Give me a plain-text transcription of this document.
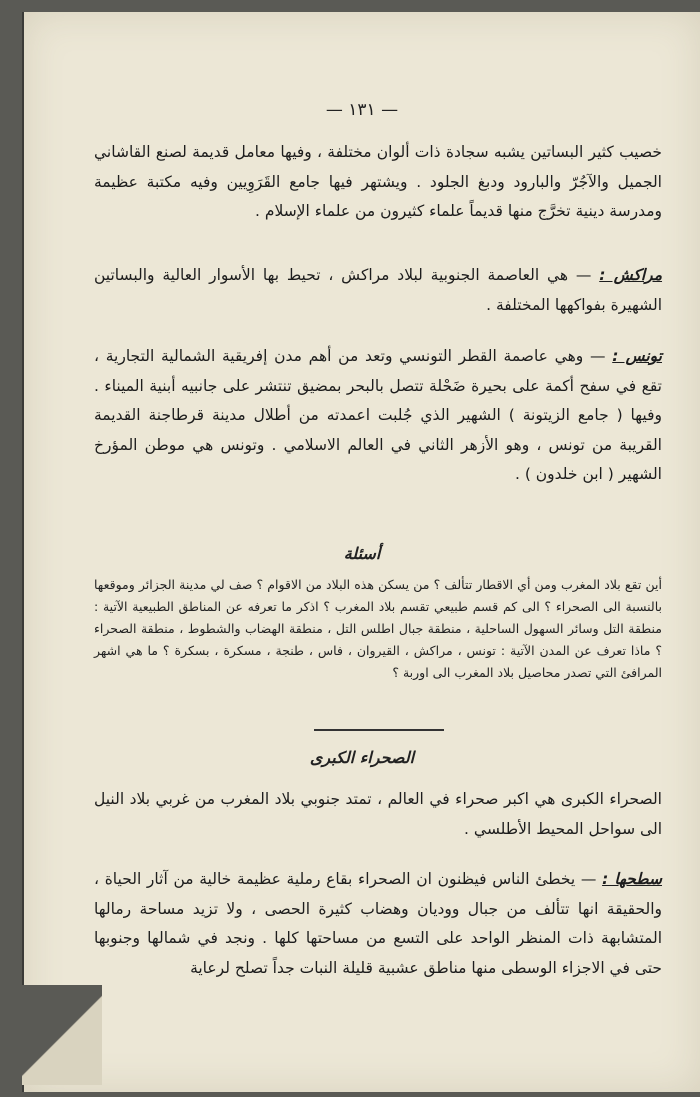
— ١٣١ —
خصيب كثير البساتين يشبه سجادة ذات ألوان مختلفة ، وفيها معامل قديمة لصنع القاشاني الجميل والآجُرّ والبارود ودبغ الجلود . ويشتهر فيها جامع القَرَوِيين وفيه مكتبة عظيمة ومدرسة دينية تخرَّج منها قديماً علماء كثيرون من علماء الإسلام .
مراكش : — هي العاصمة الجنوبية لبلاد مراكش ، تحيط بها الأسوار العالية والبساتين الشهيرة بفواكهها المختلفة .
تونس : — وهي عاصمة القطر التونسي وتعد من أهم مدن إفريقية الشمالية التجارية ، تقع في سفح أكمة على بحيرة ضَحْلة تتصل بالبحر بمضيق تنتشر على جانبيه أبنية الميناء . وفيها ( جامع الزيتونة ) الشهير الذي جُلبت اعمدته من أطلال مدينة قرطاجنة القديمة القريبة من تونس ، وهو الأزهر الثاني في العالم الاسلامي . وتونس هي موطن المؤرخ الشهير ( ابن خلدون ) .
أسئلة
أين تقع بلاد المغرب ومن أي الاقطار تتألف ؟ من يسكن هذه البلاد من الاقوام ؟ صف لي مدينة الجزائر وموقعها بالنسبة الى الصحراء ؟ الى كم قسم طبيعي تقسم بلاد المغرب ؟ اذكر ما تعرفه عن المناطق الطبيعية الآتية : منطقة التل وسائر السهول الساحلية ، منطقة جبال اطلس التل ، منطقة الهضاب والشطوط ، منطقة الصحراء ؟ ماذا تعرف عن المدن الآتية : تونس ، مراكش ، القيروان ، فاس ، طنجة ، مسكرة ، بسكرة ؟ ما هي اشهر المرافئ التي تصدر محاصيل بلاد المغرب الى اوربة ؟
الصحراء الكبرى
الصحراء الكبرى هي اكبر صحراء في العالم ، تمتد جنوبي بلاد المغرب من غربي بلاد النيل الى سواحل المحيط الأطلسي .
سطحها : — يخطئ الناس فيظنون ان الصحراء بقاع رملية عظيمة خالية من آثار الحياة ، والحقيقة انها تتألف من جبال ووديان وهضاب كثيرة الحصى ، ولا تزيد مساحة رمالها المتشابهة ذات المنظر الواحد على التسع من مساحتها كلها . ونجد في شمالها وجنوبها حتى في الاجزاء الوسطى منها مناطق عشبية قليلة النبات جداً تصلح لرعاية
